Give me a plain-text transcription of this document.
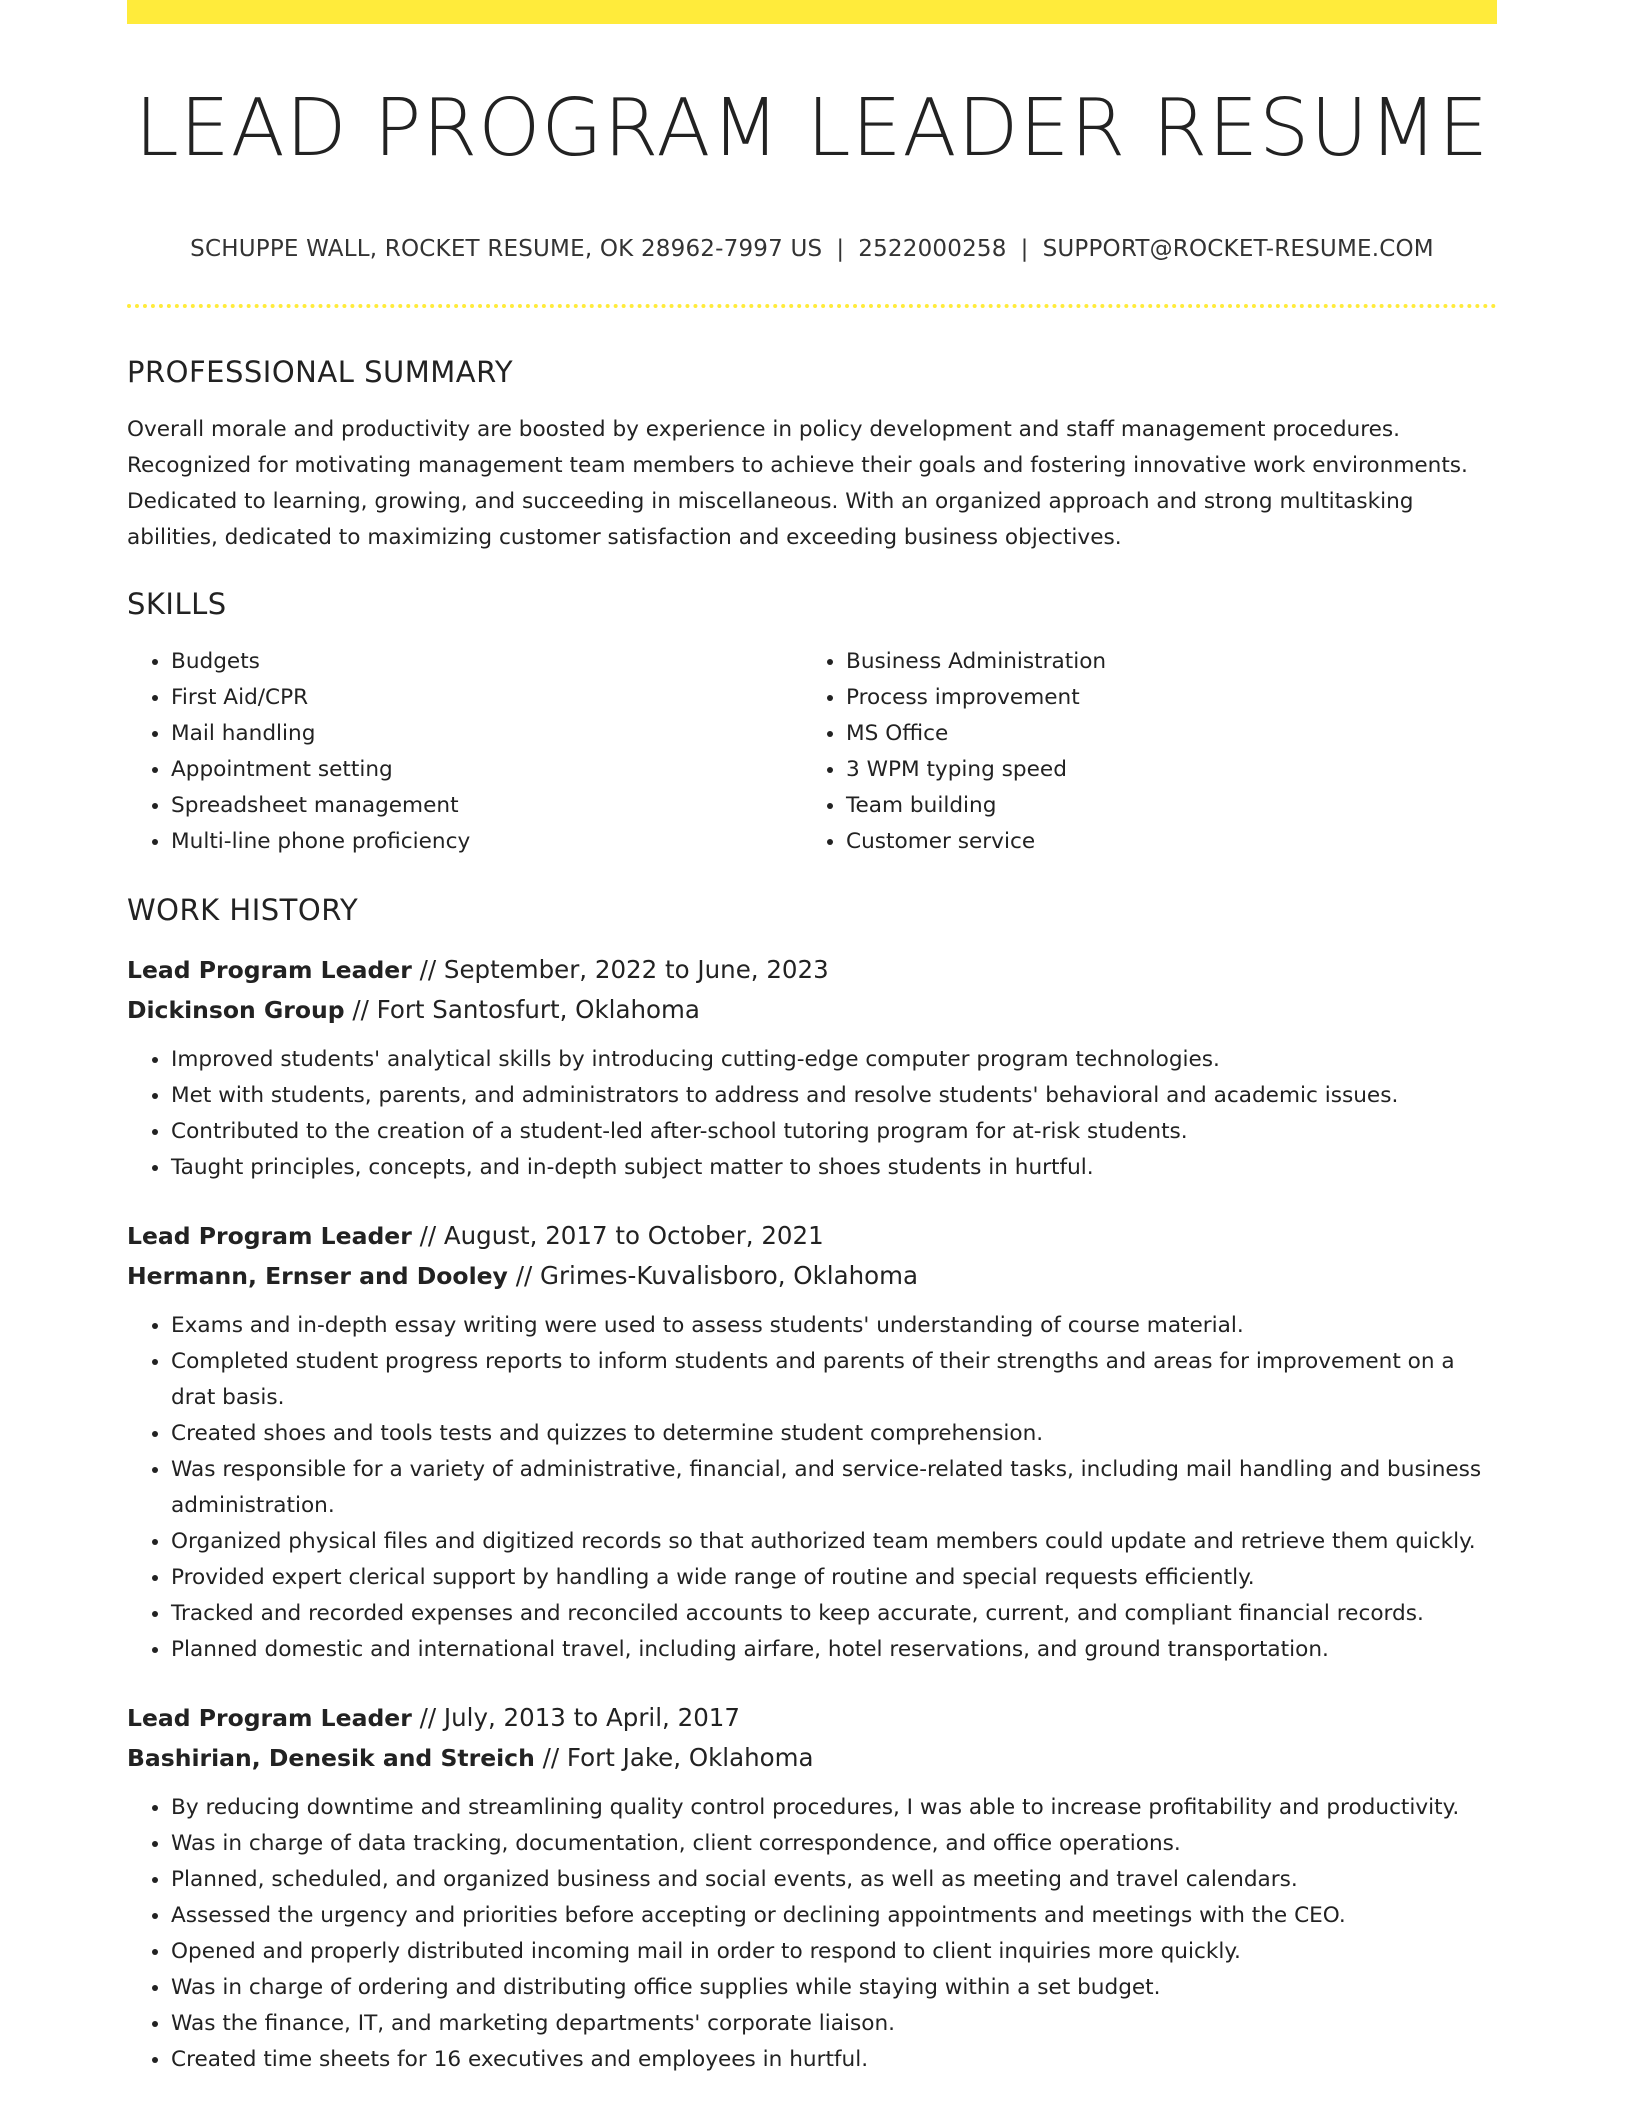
LEAD PROGRAM LEADER RESUME
SCHUPPE WALL, ROCKET RESUME, OK 28962-7997 US | 2522000258 | SUPPORT@ROCKET-RESUME.COM
PROFESSIONAL SUMMARY

Overall morale and productivity are boosted by experience in policy development and staff management procedures. Recognized for motivating management team members to achieve their goals and fostering innovative work environments. Dedicated to learning, growing, and succeeding in miscellaneous. With an organized approach and strong multitasking abilities, dedicated to maximizing customer satisfaction and exceeding business objectives.

SKILLS
• Budgets
• First Aid/CPR
• Mail handling
• Appointment setting
• Spreadsheet management
• Multi-line phone proficiency
• Business Administration
• Process improvement
• MS Office
• 3 WPM typing speed
• Team building
• Customer service
WORK HISTORY
Lead Program Leader // September, 2022 to June, 2023
Dickinson Group // Fort Santosfurt, Oklahoma
• Improved students' analytical skills by introducing cutting-edge computer program technologies.
• Met with students, parents, and administrators to address and resolve students' behavioral and academic issues.
• Contributed to the creation of a student-led after-school tutoring program for at-risk students.
• Taught principles, concepts, and in-depth subject matter to shoes students in hurtful.
Lead Program Leader // August, 2017 to October, 2021
Hermann, Ernser and Dooley // Grimes-Kuvalisboro, Oklahoma
• Exams and in-depth essay writing were used to assess students' understanding of course material.
• Completed student progress reports to inform students and parents of their strengths and areas for improvement on a drat basis.
• Created shoes and tools tests and quizzes to determine student comprehension.
• Was responsible for a variety of administrative, financial, and service-related tasks, including mail handling and business administration.
• Organized physical files and digitized records so that authorized team members could update and retrieve them quickly.
• Provided expert clerical support by handling a wide range of routine and special requests efficiently.
• Tracked and recorded expenses and reconciled accounts to keep accurate, current, and compliant financial records.
• Planned domestic and international travel, including airfare, hotel reservations, and ground transportation.
Lead Program Leader // July, 2013 to April, 2017
Bashirian, Denesik and Streich // Fort Jake, Oklahoma
• By reducing downtime and streamlining quality control procedures, I was able to increase profitability and productivity.
• Was in charge of data tracking, documentation, client correspondence, and office operations.
• Planned, scheduled, and organized business and social events, as well as meeting and travel calendars.
• Assessed the urgency and priorities before accepting or declining appointments and meetings with the CEO.
• Opened and properly distributed incoming mail in order to respond to client inquiries more quickly.
• Was in charge of ordering and distributing office supplies while staying within a set budget.
• Was the finance, IT, and marketing departments' corporate liaison.
• Created time sheets for 16 executives and employees in hurtful.
